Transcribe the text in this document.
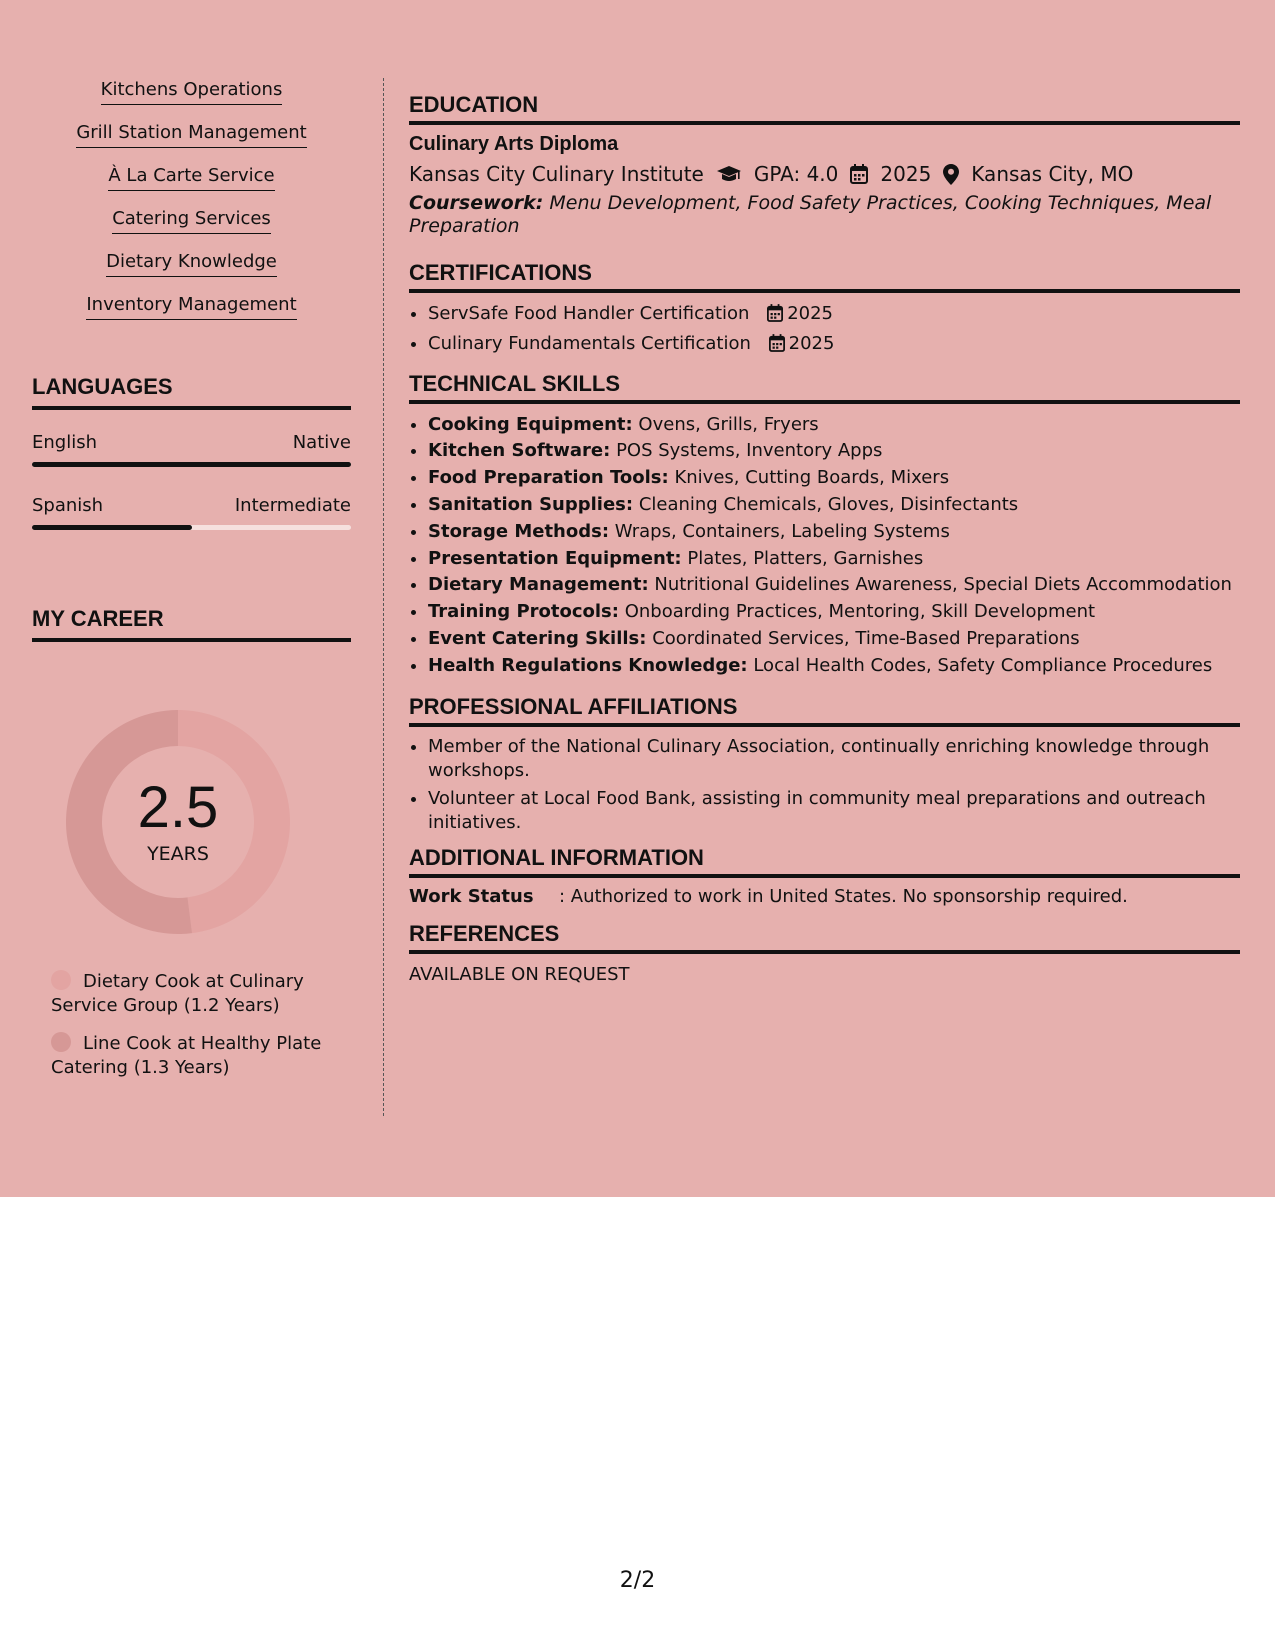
Kitchens Operations
Grill Station Management
À La Carte Service
Catering Services
Dietary Knowledge
Inventory Management
LANGUAGES
English	Native
Spanish	Intermediate
MY CAREER
2.5
YEARS
Dietary Cook at Culinary Service Group (1.2 Years)
Line Cook at Healthy Plate Catering (1.3 Years)
EDUCATION
Culinary Arts Diploma
Kansas City Culinary Institute	GPA: 4.0 2025 Kansas City, MO
Coursework: Menu Development, Food Safety Practices, Cooking Techniques, Meal Preparation
CERTIFICATIONS
• ServSafe Food Handler Certification 2025
• Culinary Fundamentals Certification 2025
TECHNICAL SKILLS
• Cooking Equipment: Ovens, Grills, Fryers
• Kitchen Software: POS Systems, Inventory Apps
• Food Preparation Tools: Knives, Cutting Boards, Mixers
• Sanitation Supplies: Cleaning Chemicals, Gloves, Disinfectants
• Storage Methods: Wraps, Containers, Labeling Systems
• Presentation Equipment: Plates, Platters, Garnishes
• Dietary Management: Nutritional Guidelines Awareness, Special Diets Accommodation
• Training Protocols: Onboarding Practices, Mentoring, Skill Development
• Event Catering Skills: Coordinated Services, Time-Based Preparations
• Health Regulations Knowledge: Local Health Codes, Safety Compliance Procedures
PROFESSIONAL AFFILIATIONS
• Member of the National Culinary Association, continually enriching knowledge through workshops.
• Volunteer at Local Food Bank, assisting in community meal preparations and outreach initiatives.
ADDITIONAL INFORMATION
Work Status	: Authorized to work in United States. No sponsorship required.
REFERENCES
AVAILABLE ON REQUEST
2/2
